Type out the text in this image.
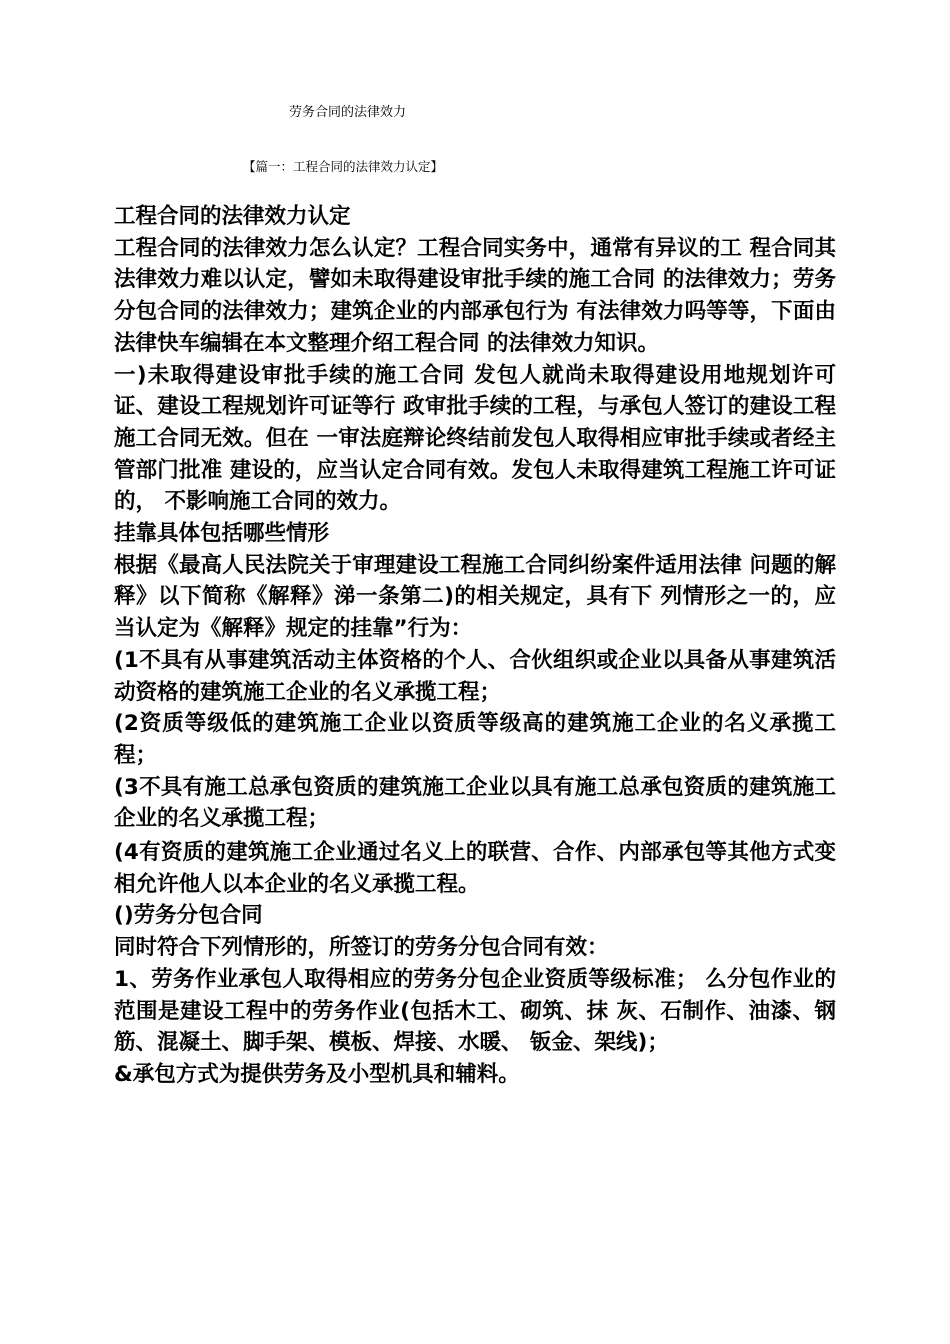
劳务合同的法律效力
【篇一：工程合同的法律效力认定】

工程合同的法律效力认定

工程合同的法律效力怎么认定？工程合同实务中，通常有异议的工 程合同其法律效力难以认定，譬如未取得建设审批手续的施工合同 的法律效力；劳务分包合同的法律效力；建筑企业的内部承包行为 有法律效力吗等等，下面由法律快车编辑在本文整理介绍工程合同 的法律效力知识。

一)未取得建设审批手续的施工合同 发包人就尚未取得建设用地规划许可证、建设工程规划许可证等行 政审批手续的工程，与承包人签订的建设工程施工合同无效。但在 一审法庭辩论终结前发包人取得相应审批手续或者经主管部门批准 建设的，应当认定合同有效。发包人未取得建筑工程施工许可证的， 不影响施工合同的效力。

挂靠具体包括哪些情形

根据《最高人民法院关于审理建设工程施工合同纠纷案件适用法律 问题的解释》以下简称《解释》涕一条第二)的相关规定，具有下 列情形之一的，应当认定为《解释》规定的挂靠”行为：

(1不具有从事建筑活动主体资格的个人、合伙组织或企业以具备从事建筑活动资格的建筑施工企业的名义承揽工程；

(2资质等级低的建筑施工企业以资质等级高的建筑施工企业的名义承揽工程；

(3不具有施工总承包资质的建筑施工企业以具有施工总承包资质的建筑施工企业的名义承揽工程；

(4有资质的建筑施工企业通过名义上的联营、合作、内部承包等其他方式变相允许他人以本企业的名义承揽工程。

()劳务分包合同

同时符合下列情形的，所签订的劳务分包合同有效：

1、劳务作业承包人取得相应的劳务分包企业资质等级标准； 么分包作业的范围是建设工程中的劳务作业(包括木工、砌筑、抹 灰、石制作、油漆、钢筋、混凝土、脚手架、模板、焊接、水暖、 钣金、架线)；

&承包方式为提供劳务及小型机具和辅料。
